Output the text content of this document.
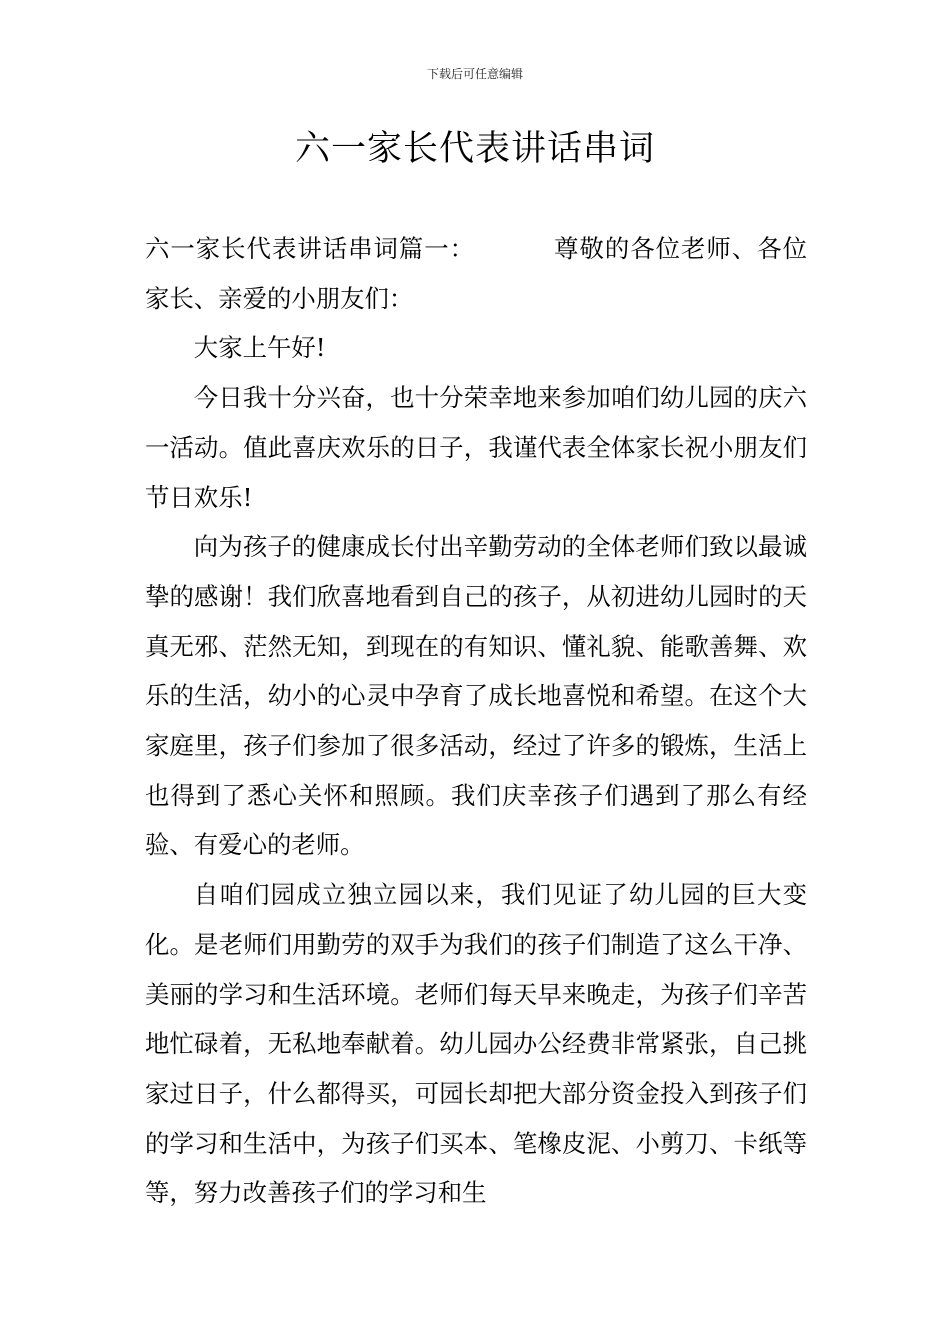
下载后可任意编辑
六一家长代表讲话串词

六一家长代表讲话串词篇一：	尊敬的各位老师、各位家长、亲爱的小朋友们：

大家上午好!

今日我十分兴奋，也十分荣幸地来参加咱们幼儿园的庆六一活动。值此喜庆欢乐的日子，我谨代表全体家长祝小朋友们节日欢乐!

向为孩子的健康成长付出辛勤劳动的全体老师们致以最诚挚的感谢！我们欣喜地看到自己的孩子，从初进幼儿园时的天真无邪、茫然无知，到现在的有知识、懂礼貌、能歌善舞、欢乐的生活，幼小的心灵中孕育了成长地喜悦和希望。在这个大家庭里，孩子们参加了很多活动，经过了许多的锻炼，生活上也得到了悉心关怀和照顾。我们庆幸孩子们遇到了那么有经验、有爱心的老师。

自咱们园成立独立园以来，我们见证了幼儿园的巨大变化。是老师们用勤劳的双手为我们的孩子们制造了这么干净、美丽的学习和生活环境。老师们每天早来晚走，为孩子们辛苦地忙碌着，无私地奉献着。幼儿园办公经费非常紧张，自己挑家过日子，什么都得买，可园长却把大部分资金投入到孩子们的学习和生活中，为孩子们买本、笔橡皮泥、小剪刀、卡纸等等，努力改善孩子们的学习和生
